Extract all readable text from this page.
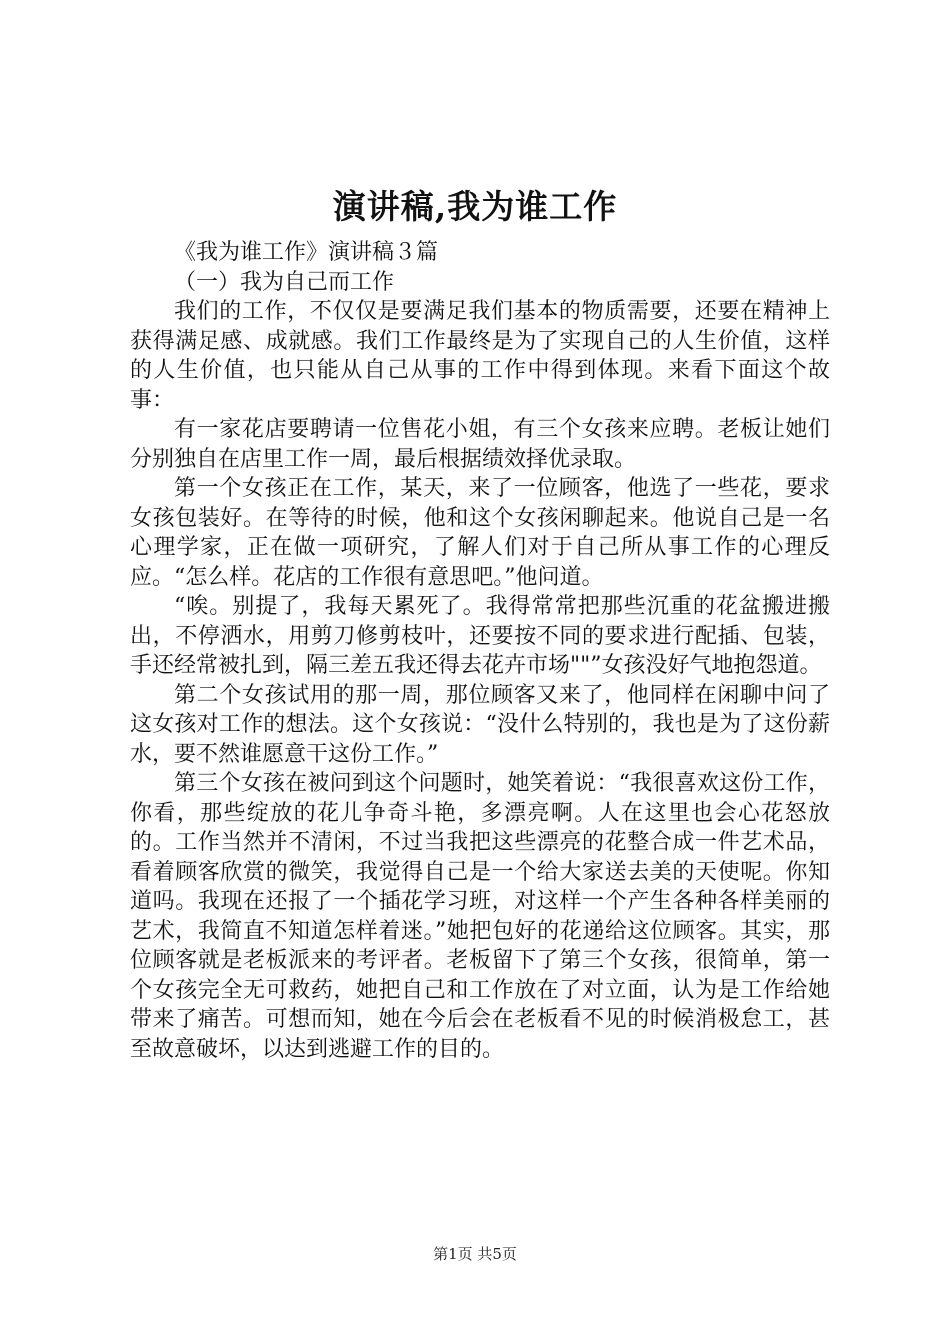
演讲稿,我为谁工作

《我为谁工作》演讲稿３篇

（一）我为自己而工作

我们的工作，不仅仅是要满足我们基本的物质需要，还要在精神上获得满足感、成就感。我们工作最终是为了实现自己的人生价值，这样的人生价值，也只能从自己从事的工作中得到体现。来看下面这个故事：

有一家花店要聘请一位售花小姐，有三个女孩来应聘。老板让她们分别独自在店里工作一周，最后根据绩效择优录取。

第一个女孩正在工作，某天，来了一位顾客，他选了一些花，要求女孩包装好。在等待的时候，他和这个女孩闲聊起来。他说自己是一名心理学家，正在做一项研究，了解人们对于自己所从事工作的心理反应。“怎么样。花店的工作很有意思吧。”他问道。

“唉。别提了，我每天累死了。我得常常把那些沉重的花盆搬进搬出，不停洒水，用剪刀修剪枝叶，还要按不同的要求进行配插、包装，手还经常被扎到，隔三差五我还得去花卉市场""”女孩没好气地抱怨道。

第二个女孩试用的那一周，那位顾客又来了，他同样在闲聊中问了这女孩对工作的想法。这个女孩说：“没什么特别的，我也是为了这份薪水，要不然谁愿意干这份工作。”

第三个女孩在被问到这个问题时，她笑着说：“我很喜欢这份工作，你看，那些绽放的花儿争奇斗艳，多漂亮啊。人在这里也会心花怒放的。工作当然并不清闲，不过当我把这些漂亮的花整合成一件艺术品，看着顾客欣赏的微笑，我觉得自己是一个给大家送去美的天使呢。你知道吗。我现在还报了一个插花学习班，对这样一个产生各种各样美丽的艺术，我简直不知道怎样着迷。”她把包好的花递给这位顾客。其实，那位顾客就是老板派来的考评者。老板留下了第三个女孩，很简单，第一个女孩完全无可救药，她把自己和工作放在了对立面，认为是工作给她带来了痛苦。可想而知，她在今后会在老板看不见的时候消极怠工，甚至故意破坏，以达到逃避工作的目的。

第1页 共5页
